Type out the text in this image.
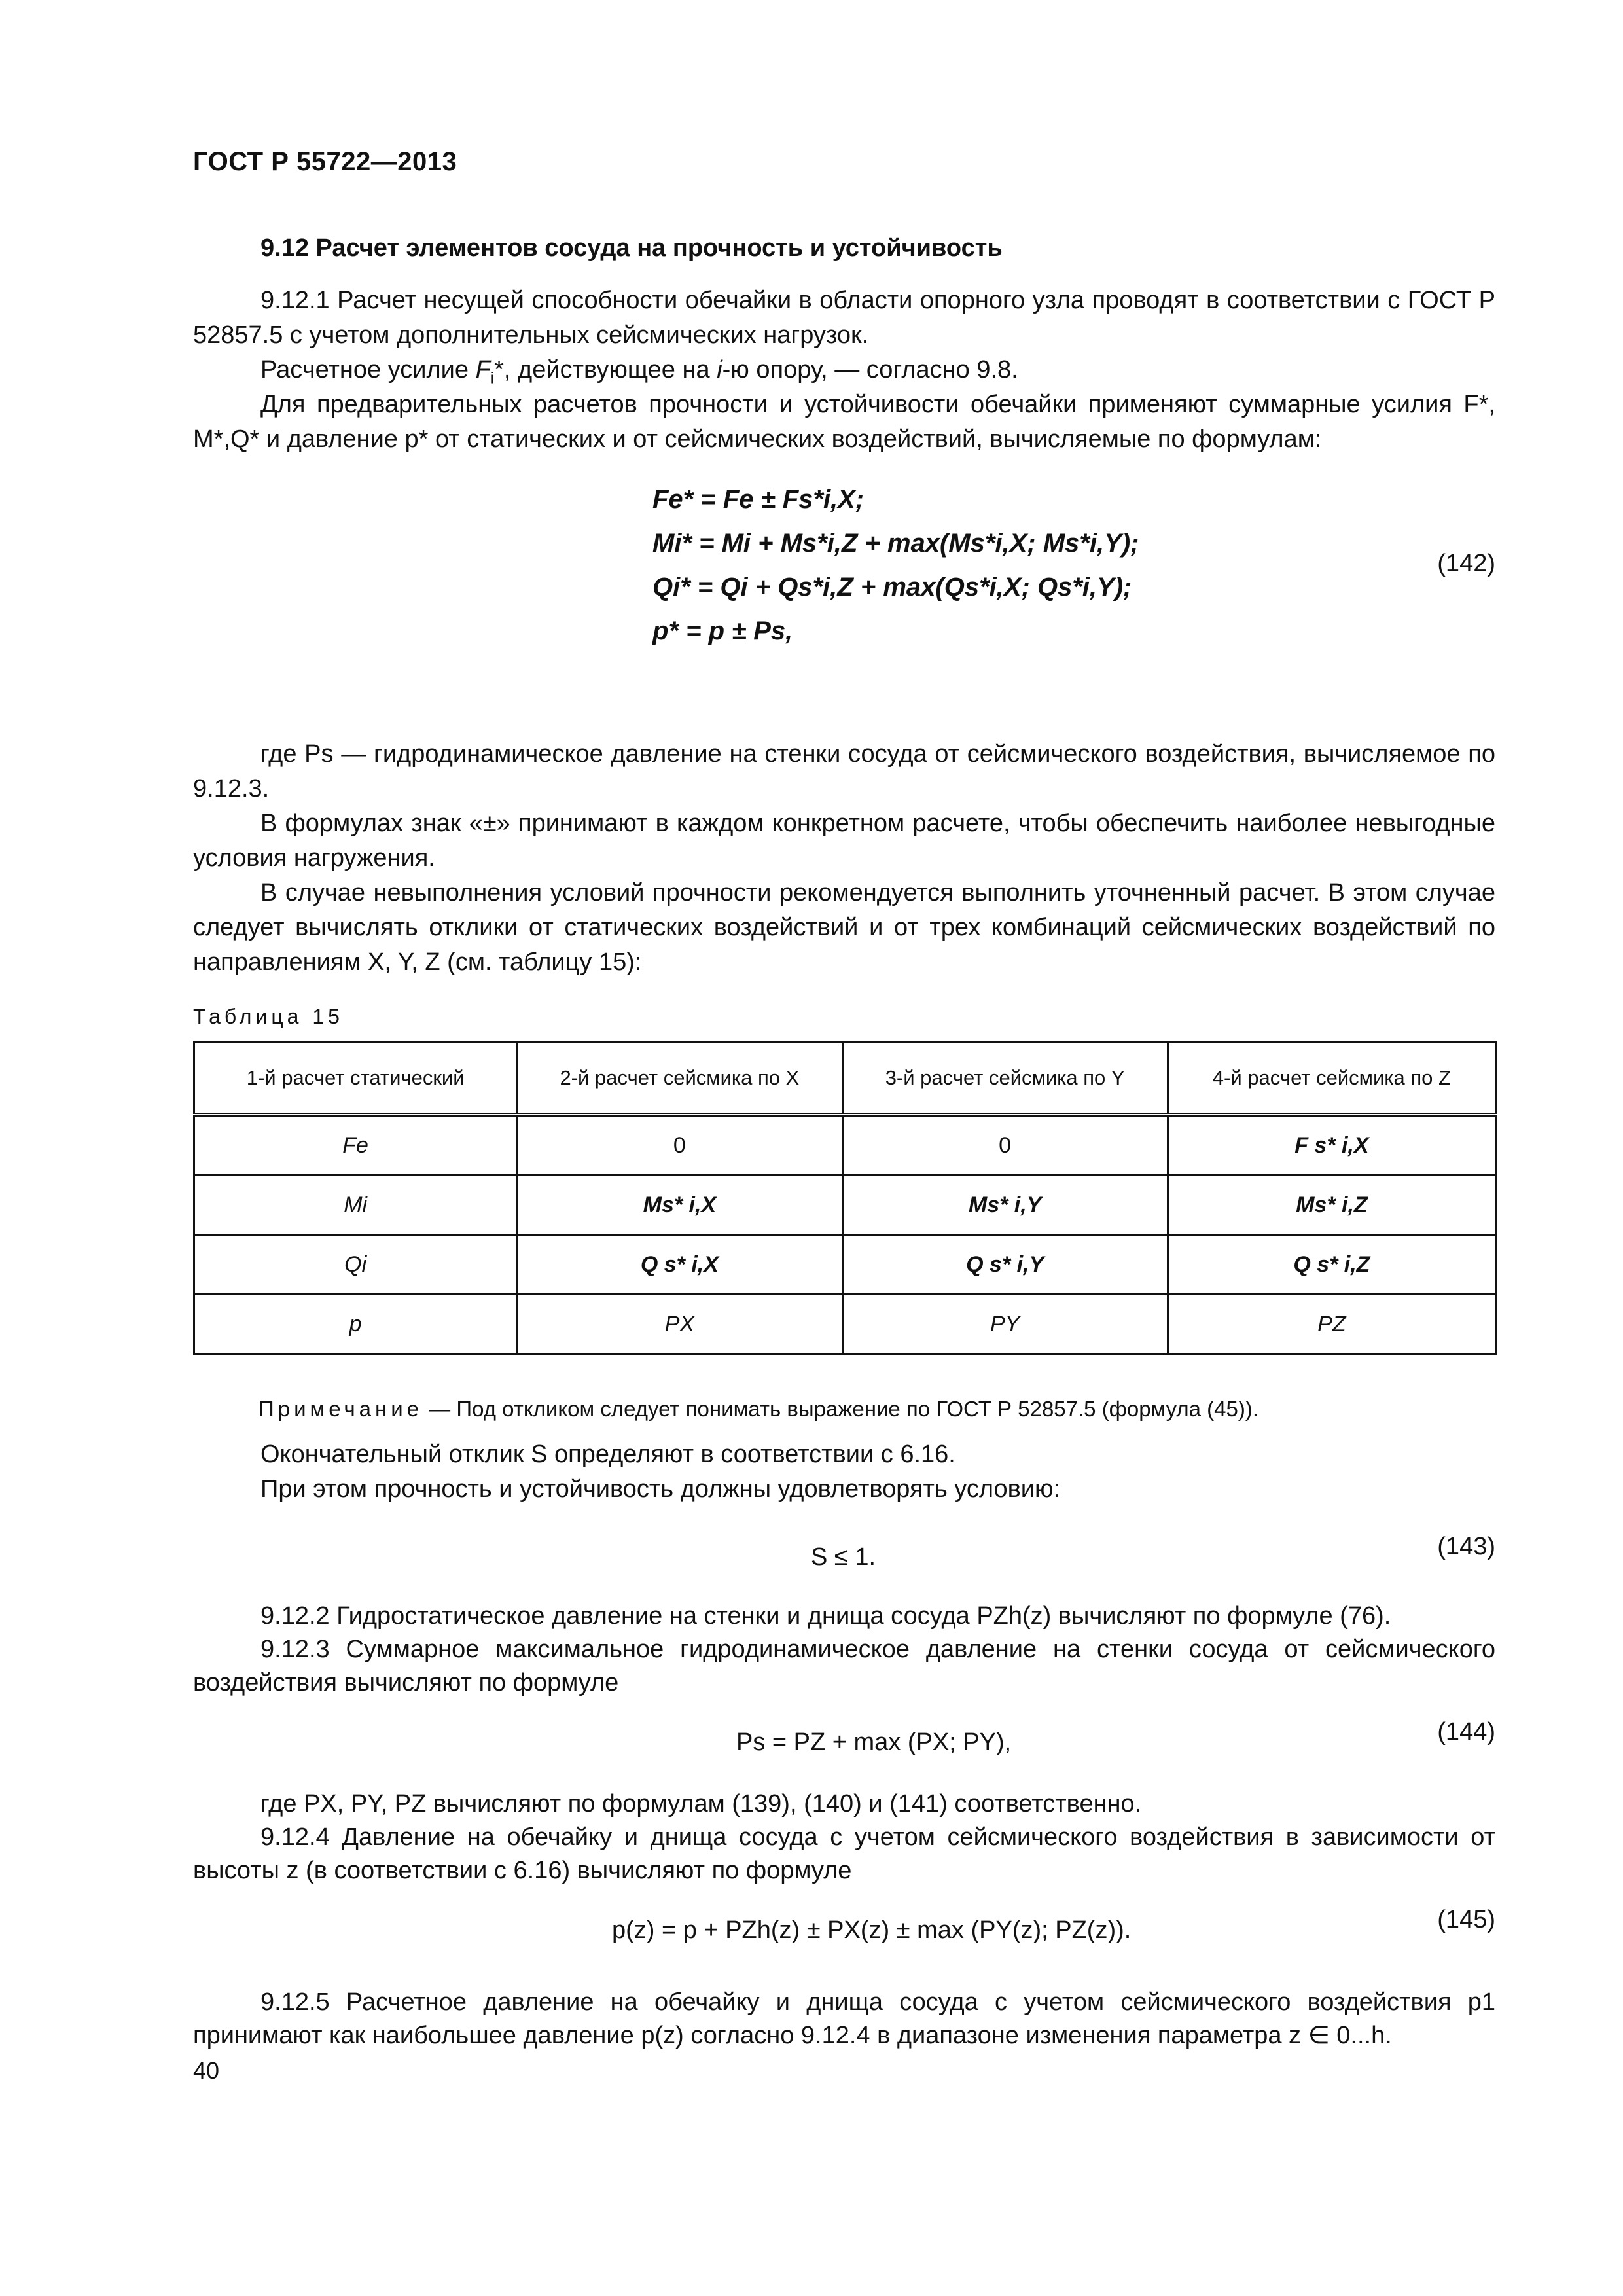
ГОСТ Р 55722—2013
9.12 Расчет элементов сосуда на прочность и устойчивость

9.12.1 Расчет несущей способности обечайки в области опорного узла проводят в соответствии с ГОСТ Р 52857.5 с учетом дополнительных сейсмических нагрузок.

Расчетное усилие $F_i*$, действующее на i-ю опору, — согласно 9.8.

Для предварительных расчетов прочности и устойчивости обечайки применяют суммарные усилия F*, M*,Q* и давление p* от статических и от сейсмических воздействий, вычисляемые по формулам:

Fe* = Fe ± Fs*i,X;
Mi* = Mi + Ms*i,Z + max(Ms*i,X; Ms*i,Y);
Qi* = Qi + Qs*i,Z + max(Qs*i,X; Qs*i,Y);
p* = p ± Ps,
(142)

где Ps — гидродинамическое давление на стенки сосуда от сейсмического воздействия, вычисляемое по 9.12.3.

В формулах знак «±» принимают в каждом конкретном расчете, чтобы обеспечить наиболее невыгодные условия нагружения.

В случае невыполнения условий прочности рекомендуется выполнить уточненный расчет. В этом случае следует вычислять отклики от статических воздействий и от трех комбинаций сейсмических воздействий по направлениям X, Y, Z (см. таблицу 15):

Таблица 15
1-й расчет статический	2-й расчет сейсмика по X	3-й расчет сейсмика по Y	4-й расчет сейсмика по Z
Fe	0	0	F s* i,X
Mi	Ms* i,X	Ms* i,Y	Ms* i,Z
Qi	Q s* i,X	Q s* i,Y	Q s* i,Z
p	PX	PY	PZ
Примечание — Под откликом следует понимать выражение по ГОСТ Р 52857.5 (формула (45)).

Окончательный отклик S определяют в соответствии с 6.16.

При этом прочность и устойчивость должны удовлетворять условию:

S ≤ 1.	(143)

9.12.2 Гидростатическое давление на стенки и днища сосуда PZh(z) вычисляют по формуле (76).

9.12.3 Суммарное максимальное гидродинамическое давление на стенки сосуда от сейсмического воздействия вычисляют по формуле

Ps = PZ + max (PX; PY),	(144)

где PX, PY, PZ вычисляют по формулам (139), (140) и (141) соответственно.

9.12.4 Давление на обечайку и днища сосуда с учетом сейсмического воздействия в зависимости от высоты z (в соответствии с 6.16) вычисляют по формуле

p(z) = p + PZh(z) ± PX(z) ± max (PY(z); PZ(z)).	(145)

9.12.5 Расчетное давление на обечайку и днища сосуда с учетом сейсмического воздействия p1 принимают как наибольшее давление p(z) согласно 9.12.4 в диапазоне изменения параметра z ∈ 0...h.

40
